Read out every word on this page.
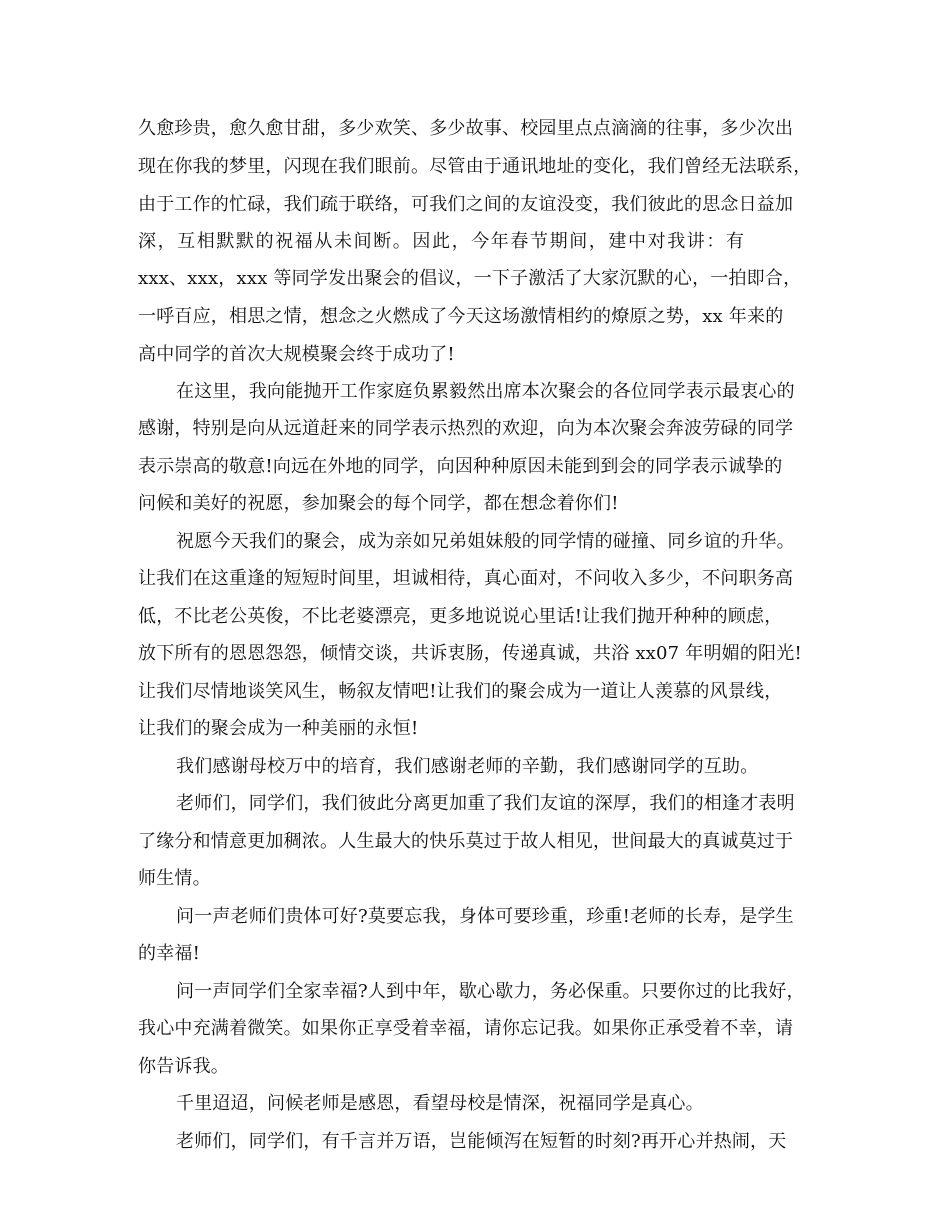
久愈珍贵，愈久愈甘甜，多少欢笑、多少故事、校园里点点滴滴的往事，多少次出
现在你我的梦里，闪现在我们眼前。尽管由于通讯地址的变化，我们曾经无法联系，
由于工作的忙碌，我们疏于联络，可我们之间的友谊没变，我们彼此的思念日益加
深，互相默默的祝福从未间断。因此，今年春节期间，建中对我讲：有
xxx、xxx，xxx 等同学发出聚会的倡议，一下子激活了大家沉默的心，一拍即合，
一呼百应，相思之情，想念之火燃成了今天这场激情相约的燎原之势，xx 年来的
高中同学的首次大规模聚会终于成功了!
在这里，我向能抛开工作家庭负累毅然出席本次聚会的各位同学表示最衷心的
感谢，特别是向从远道赶来的同学表示热烈的欢迎，向为本次聚会奔波劳碌的同学
表示崇高的敬意!向远在外地的同学，向因种种原因未能到到会的同学表示诚挚的
问候和美好的祝愿，参加聚会的每个同学，都在想念着你们!
祝愿今天我们的聚会，成为亲如兄弟姐妹般的同学情的碰撞、同乡谊的升华。
让我们在这重逢的短短时间里，坦诚相待，真心面对，不问收入多少，不问职务高
低，不比老公英俊，不比老婆漂亮，更多地说说心里话!让我们抛开种种的顾虑，
放下所有的恩恩怨怨，倾情交谈，共诉衷肠，传递真诚，共浴 xx07 年明媚的阳光!
让我们尽情地谈笑风生，畅叙友情吧!让我们的聚会成为一道让人羡慕的风景线，
让我们的聚会成为一种美丽的永恒!
我们感谢母校万中的培育，我们感谢老师的辛勤，我们感谢同学的互助。
老师们，同学们，我们彼此分离更加重了我们友谊的深厚，我们的相逢才表明
了缘分和情意更加稠浓。人生最大的快乐莫过于故人相见，世间最大的真诚莫过于
师生情。
问一声老师们贵体可好?莫要忘我，身体可要珍重，珍重!老师的长寿，是学生
的幸福!
问一声同学们全家幸福?人到中年，歇心歇力，务必保重。只要你过的比我好，
我心中充满着微笑。如果你正享受着幸福，请你忘记我。如果你正承受着不幸，请
你告诉我。
千里迢迢，问候老师是感恩，看望母校是情深，祝福同学是真心。
老师们，同学们，有千言并万语，岂能倾泻在短暂的时刻?再开心并热闹，天
